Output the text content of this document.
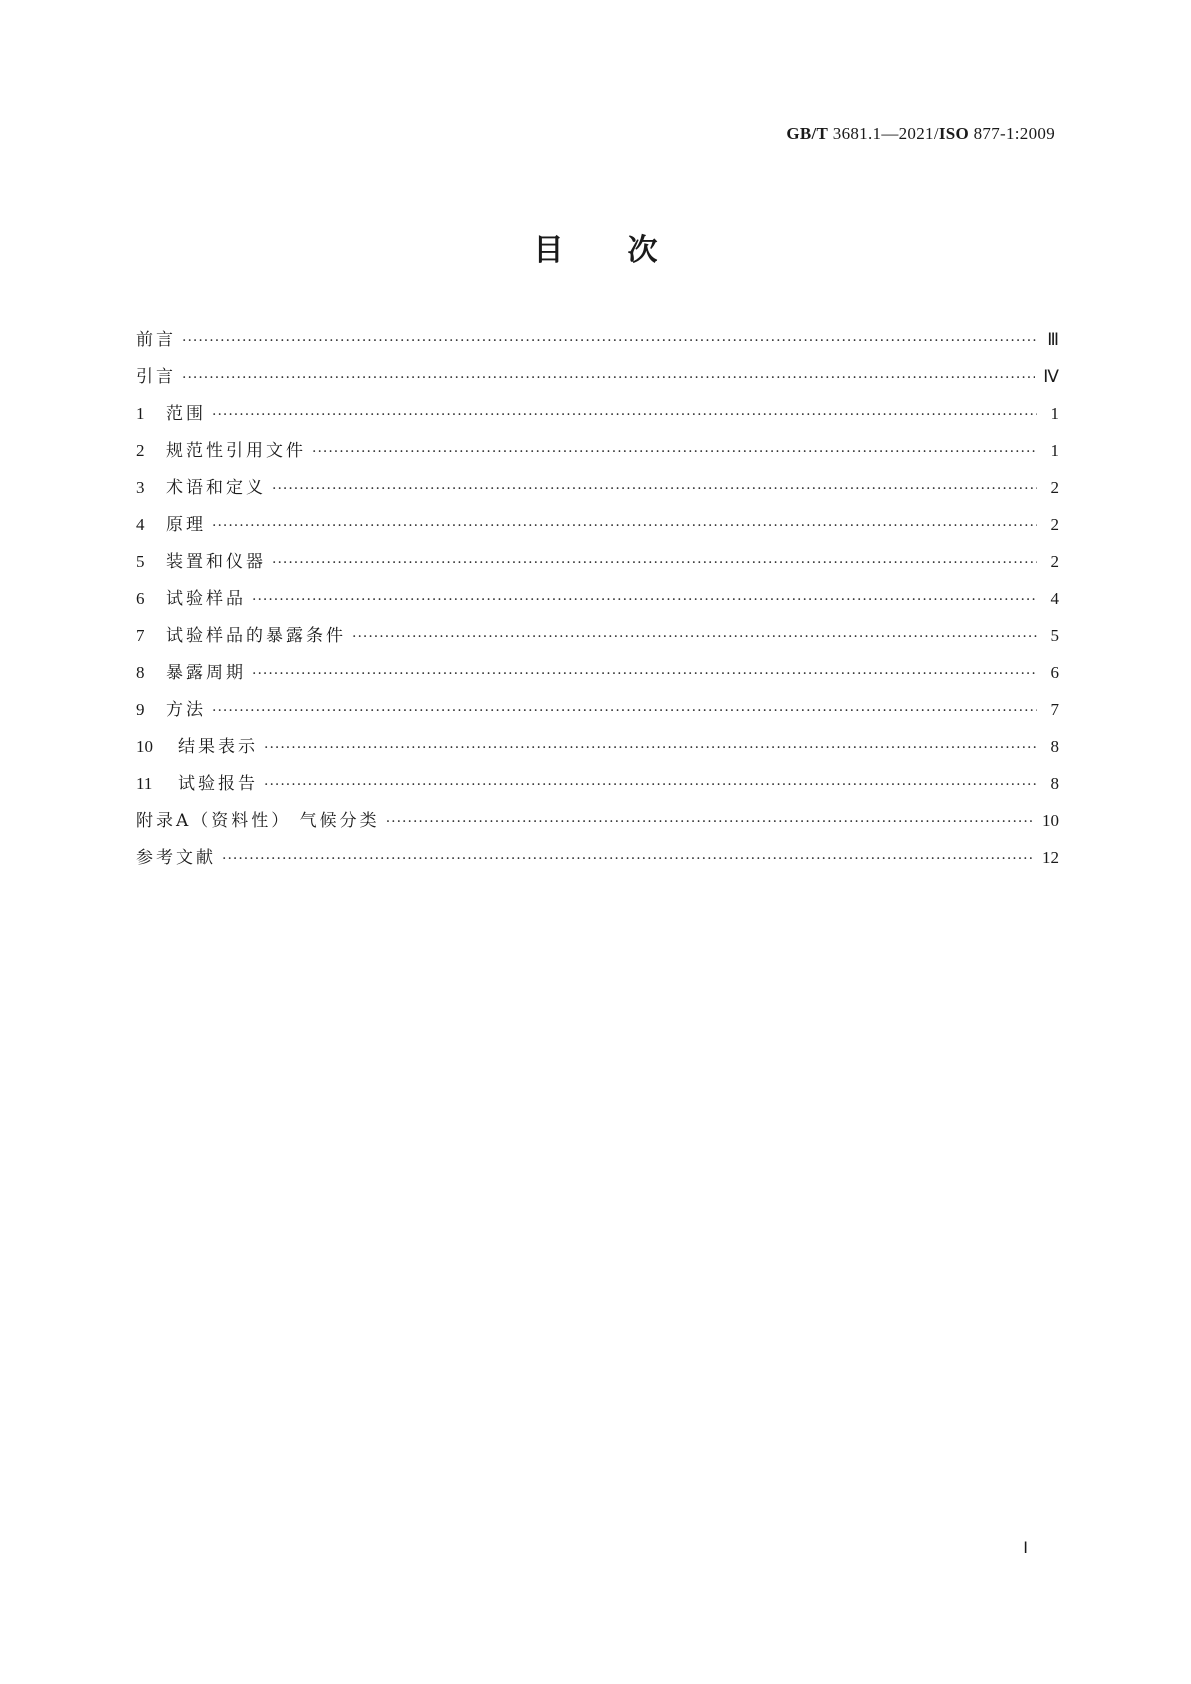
GB/T 3681.1—2021/ISO 877-1:2009
目次
前言 ·····	Ⅲ
引言 ·····	Ⅳ
1	范围 ·····	1
2	规范性引用文件 ·····	1
3	术语和定义 ·····	2
4	原理 ·····	2
5	装置和仪器 ·····	2
6	试验样品 ·····	4
7	试验样品的暴露条件 ·····	5
8	暴露周期 ·····	6
9	方法 ·····	7
10	结果表示 ·····	8
11	试验报告 ·····	8
附录A（资料性） 气候分类 ·····	10
参考文献 ·····	12
Ⅰ
